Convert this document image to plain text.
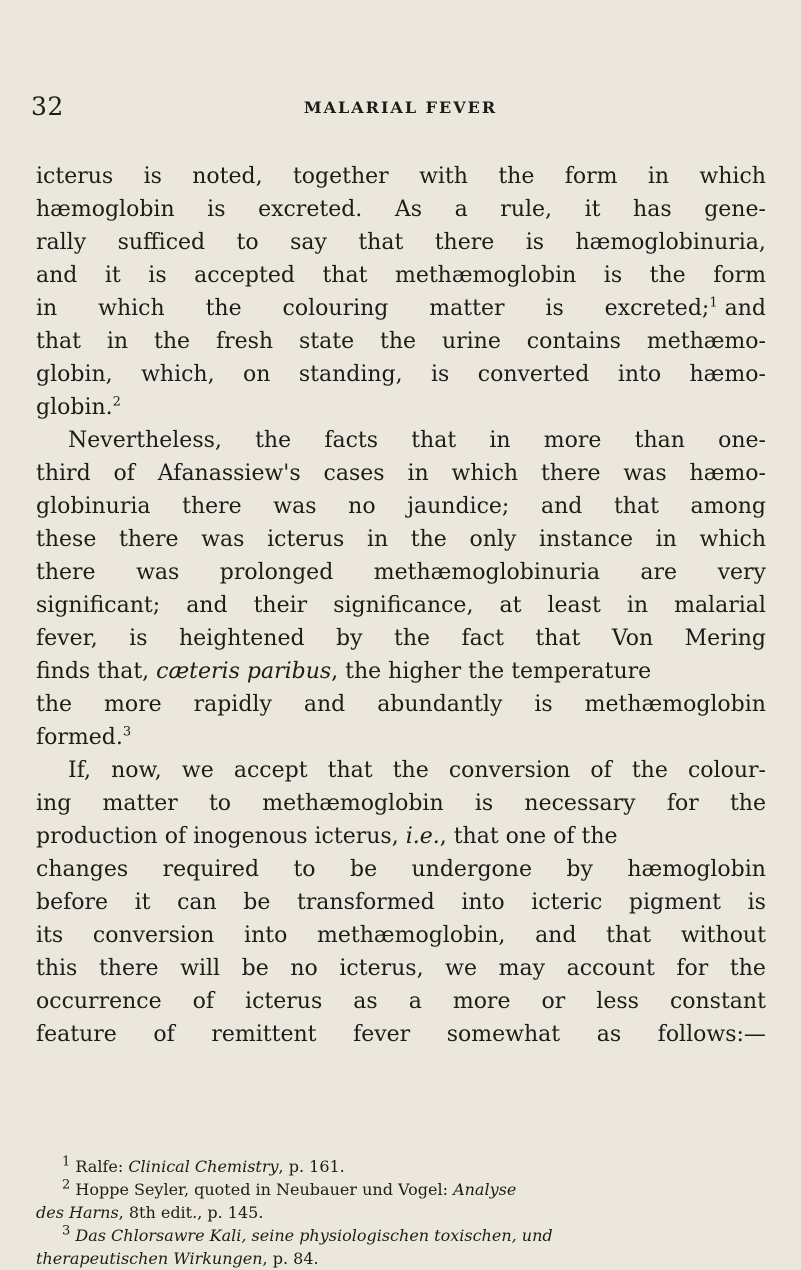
32	MALARIAL FEVER
icterus is noted, together with the form in which
hæmoglobin is excreted. As a rule, it has gene-
rally sufficed to say that there is hæmoglobinuria,
and it is accepted that methæmoglobin is the form
in which the colouring matter is excreted;$^1$ and
that in the fresh state the urine contains methæmo-
globin, which, on standing, is converted into hæmo-
globin.$^2$
Nevertheless, the facts that in more than one-
third of Afanassiew's cases in which there was hæmo-
globinuria there was no jaundice; and that among
these there was icterus in the only instance in which
there was prolonged methæmoglobinuria are very
significant; and their significance, at least in malarial
fever, is heightened by the fact that Von Mering
finds that, cæteris paribus, the higher the temperature
the more rapidly and abundantly is methæmoglobin
formed.$^3$
If, now, we accept that the conversion of the colour-
ing matter to methæmoglobin is necessary for the
production of inogenous icterus, i.e., that one of the
changes required to be undergone by hæmoglobin
before it can be transformed into icteric pigment is
its conversion into methæmoglobin, and that without
this there will be no icterus, we may account for the
occurrence of icterus as a more or less constant
feature of remittent fever somewhat as follows:—
$^1$ Ralfe: Clinical Chemistry, p. 161.
$^2$ Hoppe Seyler, quoted in Neubauer und Vogel: Analyse
des Harns, 8th edit., p. 145.
$^3$ Das Chlorsawre Kali, seine physiologischen toxischen, und
therapeutischen Wirkungen, p. 84.
